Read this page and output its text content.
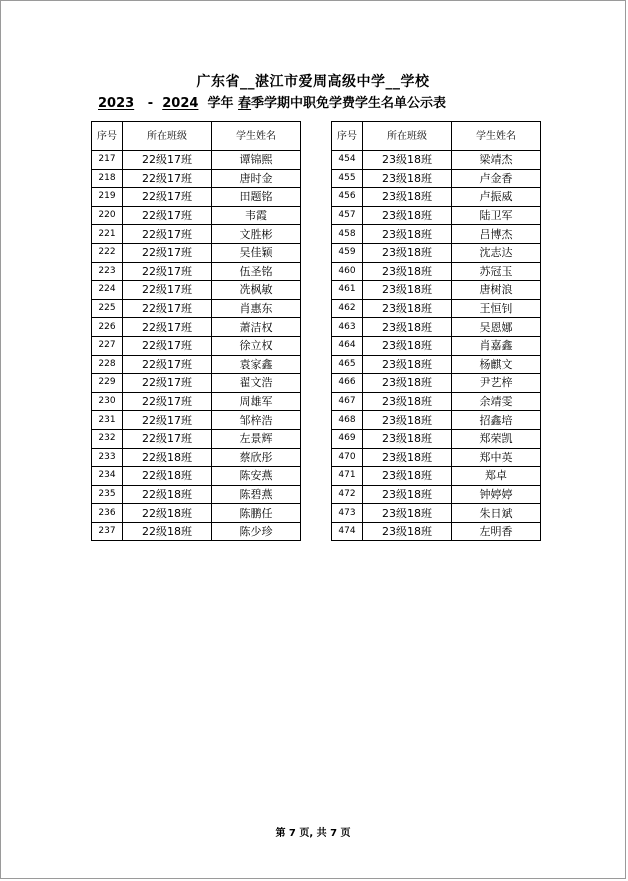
广东省__湛江市爱周高级中学__学校
2023 - 2024 学年 春季学期中职免学费学生名单公示表
序号	所在班级	学生姓名
217	22级17班	谭锦熙
218	22级17班	唐时金
219	22级17班	田题铭
220	22级17班	韦霞
221	22级17班	文胜彬
222	22级17班	吴佳颖
223	22级17班	伍圣铭
224	22级17班	冼枫敏
225	22级17班	肖惠东
226	22级17班	萧洁权
227	22级17班	徐立权
228	22级17班	袁家鑫
229	22级17班	翟文浩
230	22级17班	周雄军
231	22级17班	邹梓浩
232	22级17班	左景辉
233	22级18班	蔡欣彤
234	22级18班	陈安燕
235	22级18班	陈碧燕
236	22级18班	陈鹏任
237	22级18班	陈少珍
序号	所在班级	学生姓名
454	23级18班	梁靖杰
455	23级18班	卢金香
456	23级18班	卢振威
457	23级18班	陆卫军
458	23级18班	吕博杰
459	23级18班	沈志达
460	23级18班	苏冠玉
461	23级18班	唐树浪
462	23级18班	王恒钊
463	23级18班	吴恩娜
464	23级18班	肖嘉鑫
465	23级18班	杨麒文
466	23级18班	尹艺梓
467	23级18班	余靖雯
468	23级18班	招鑫培
469	23级18班	郑荣凯
470	23级18班	郑中英
471	23级18班	郑卓
472	23级18班	钟婷婷
473	23级18班	朱日斌
474	23级18班	左明香
第 7 页, 共 7 页
